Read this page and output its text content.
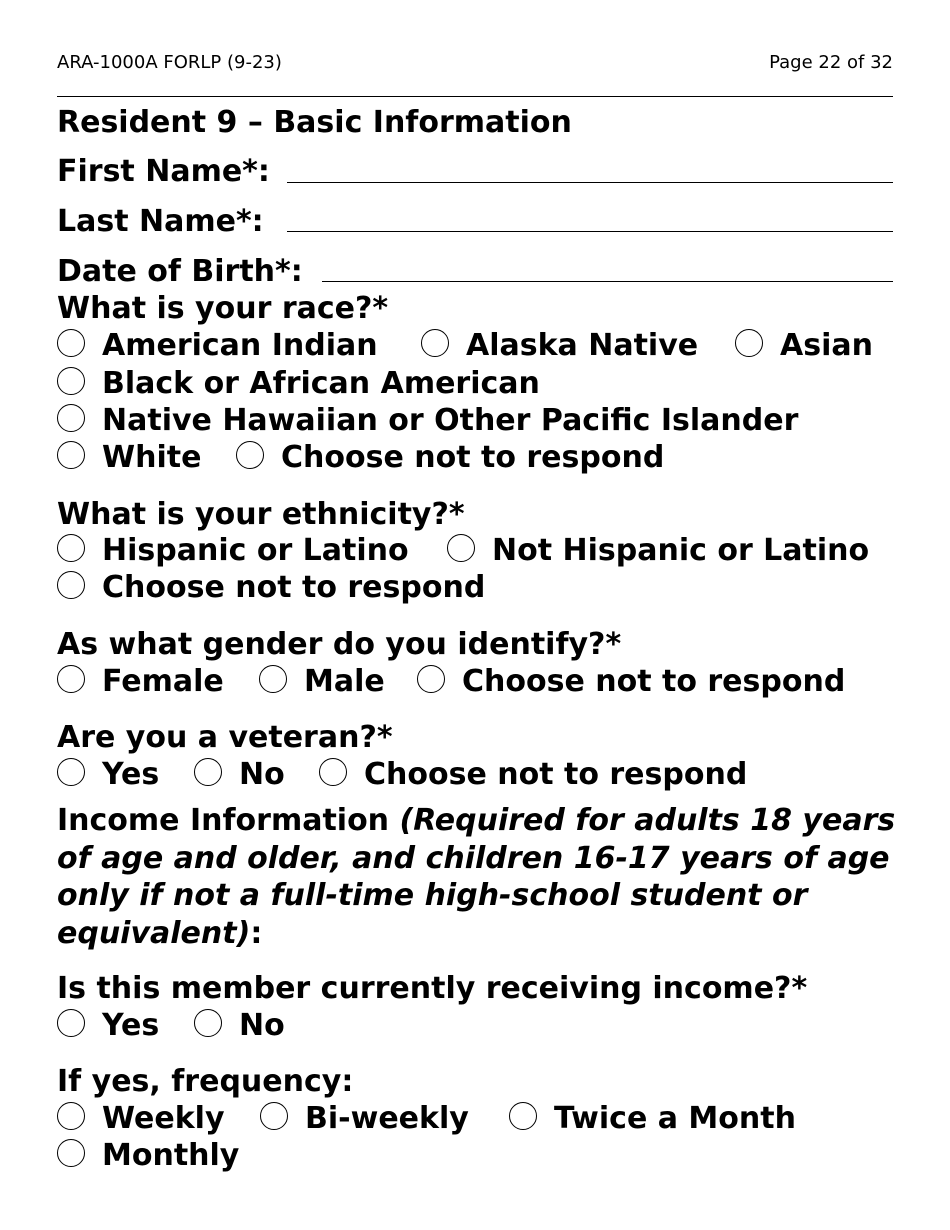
ARA-1000A FORLP (9-23)	Page 22 of 32
Resident 9 – Basic Information
First Name*:
Last Name*:
Date of Birth*:
What is your race?*
American Indian	Alaska Native	Asian
Black or African American
Native Hawaiian or Other Pacific Islander
White	Choose not to respond
What is your ethnicity?*
Hispanic or Latino	Not Hispanic or Latino
Choose not to respond
As what gender do you identify?*
Female	Male	Choose not to respond
Are you a veteran?*
Yes	No	Choose not to respond
Income Information (Required for adults 18 years of age and older, and children 16-17 years of age only if not a full-time high-school student or equivalent):
Is this member currently receiving income?*
Yes	No
If yes, frequency:
Weekly	Bi-weekly	Twice a Month
Monthly
